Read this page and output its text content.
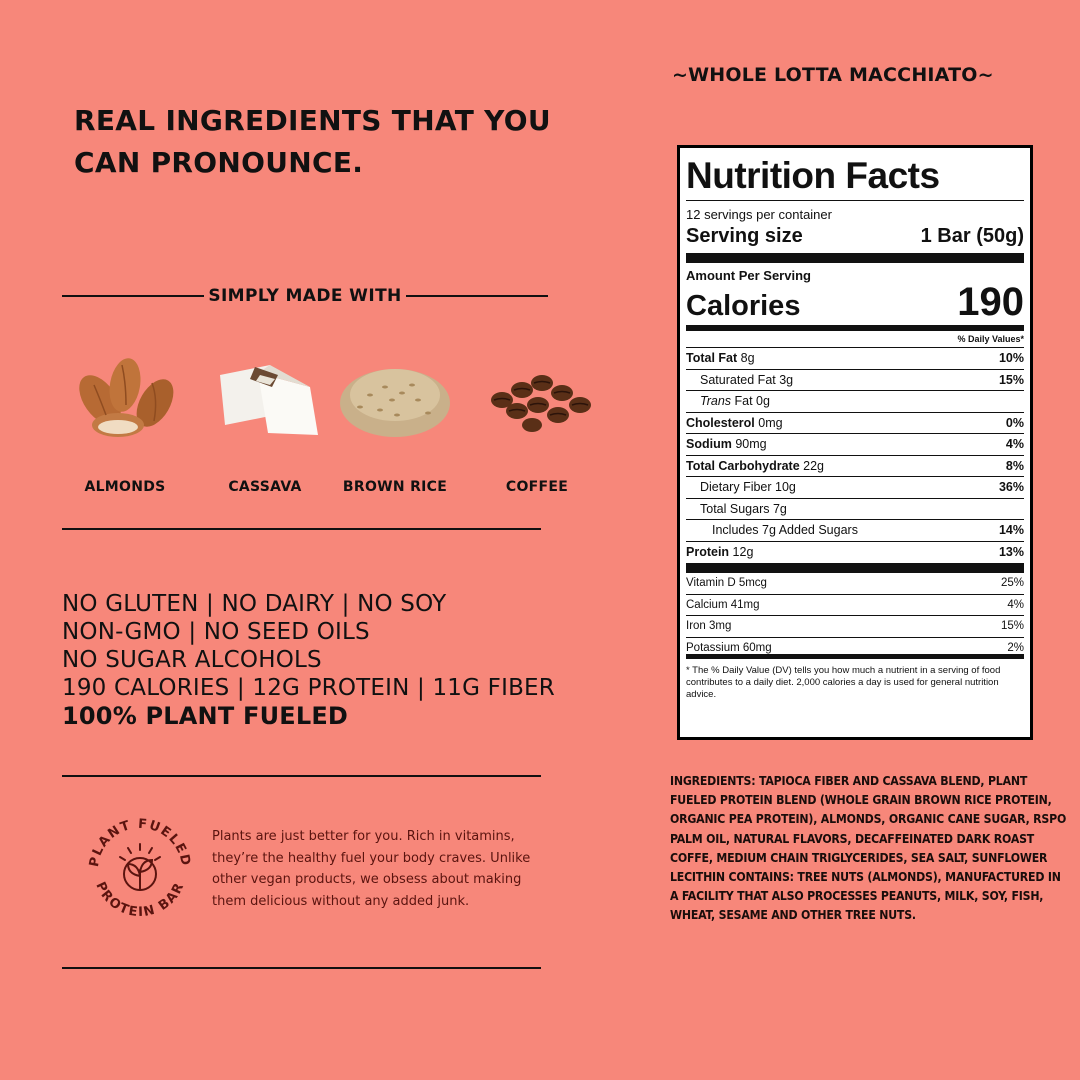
REAL INGREDIENTS THAT YOU CAN PRONOUNCE.
SIMPLY MADE WITH
ALMONDS	CASSAVA	BROWN RICE	COFFEE
NO GLUTEN | NO DAIRY | NO SOY
NON-GMO | NO SEED OILS
NO SUGAR ALCOHOLS
190 CALORIES | 12G PROTEIN | 11G FIBER
100% PLANT FUELED
PLANT FUELED
PROTEIN BAR
Plants are just better for you. Rich in vitamins, they’re the healthy fuel your body craves. Unlike other vegan products, we obsess about making them delicious without any added junk.
~WHOLE LOTTA MACCHIATO~
Nutrition Facts
12 servings per container
Serving size	1 Bar (50g)
Amount Per Serving
Calories	190
% Daily Values*
Total Fat 8g	10%
Saturated Fat 3g	15%
Trans Fat 0g
Cholesterol 0mg	0%
Sodium 90mg	4%
Total Carbohydrate 22g	8%
Dietary Fiber 10g	36%
Total Sugars 7g
Includes 7g Added Sugars	14%
Protein 12g	13%
Vitamin D 5mcg	25%
Calcium 41mg	4%
Iron 3mg	15%
Potassium 60mg	2%
* The % Daily Value (DV) tells you how much a nutrient in a serving of food contributes to a daily diet. 2,000 calories a day is used for general nutrition advice.
INGREDIENTS: TAPIOCA FIBER AND CASSAVA BLEND, PLANT FUELED PROTEIN BLEND (WHOLE GRAIN BROWN RICE PROTEIN, ORGANIC PEA PROTEIN), ALMONDS, ORGANIC CANE SUGAR, RSPO PALM OIL, NATURAL FLAVORS, DECAFFEINATED DARK ROAST COFFE, MEDIUM CHAIN TRIGLYCERIDES, SEA SALT, SUNFLOWER LECITHIN CONTAINS: TREE NUTS (ALMONDS), MANUFACTURED IN A FACILITY THAT ALSO PROCESSES PEANUTS, MILK, SOY, FISH, WHEAT, SESAME AND OTHER TREE NUTS.
